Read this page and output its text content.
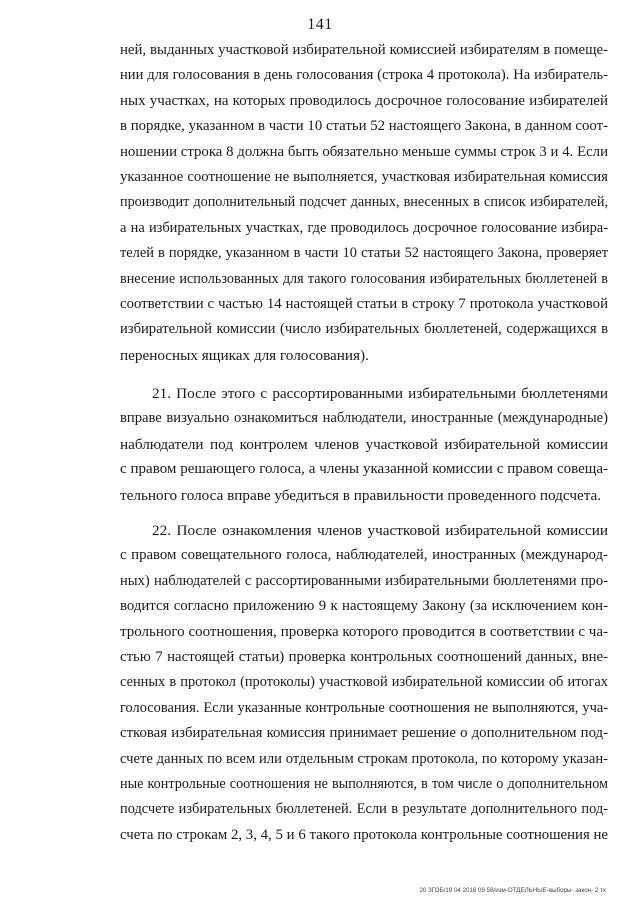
141
ней, выданных участковой избирательной комиссией избирателям в помеще-
нии для голосования в день голосования (строка 4 протокола). На избиратель-
ных участках, на которых проводилось досрочное голосование избирателей
в порядке, указанном в части 10 статьи 52 настоящего Закона, в данном соот-
ношении строка 8 должна быть обязательно меньше суммы строк 3 и 4. Если
указанное соотношение не выполняется, участковая избирательная комиссия
производит дополнительный подсчет данных, внесенных в список избирателей,
а на избирательных участках, где проводилось досрочное голосование избира-
телей в порядке, указанном в части 10 статьи 52 настоящего Закона, проверяет
внесение использованных для такого голосования избирательных бюллетеней в
соответствии с частью 14 настоящей статьи в строку 7 протокола участковой
избирательной комиссии (число избирательных бюллетеней, содержащихся в
переносных ящиках для голосования).
21. После этого с рассортированными избирательными бюллетенями
вправе визуально ознакомиться наблюдатели, иностранные (международные)
наблюдатели под контролем членов участковой избирательной комиссии
с правом решающего голоса, а члены указанной комиссии с правом совеща-
тельного голоса вправе убедиться в правильности проведенного подсчета.
22. После ознакомления членов участковой избирательной комиссии
с правом совещательного голоса, наблюдателей, иностранных (международ-
ных) наблюдателей с рассортированными избирательными бюллетенями про-
водится согласно приложению 9 к настоящему Закону (за исключением кон-
трольного соотношения, проверка которого проводится в соответствии с ча-
стью 7 настоящей статьи) проверка контрольных соотношений данных, вне-
сенных в протокол (протоколы) участковой избирательной комиссии об итогах
голосования. Если указанные контрольные соотношения не выполняются, уча-
стковая избирательная комиссия принимает решение о дополнительном под-
счете данных по всем или отдельным строкам протокола, по которому указан-
ные контрольные соотношения не выполняются, в том числе о дополнительном
подсчете избирательных бюллетеней. Если в результате дополнительного под-
счета по строкам 2, 3, 4, 5 и 6 такого протокола контрольные соотношения не
20 ЗГОБ/19 04 2016 09 58/изм-ОТДЕЛЬНЫЕ-выборы- закон- 2 тх
